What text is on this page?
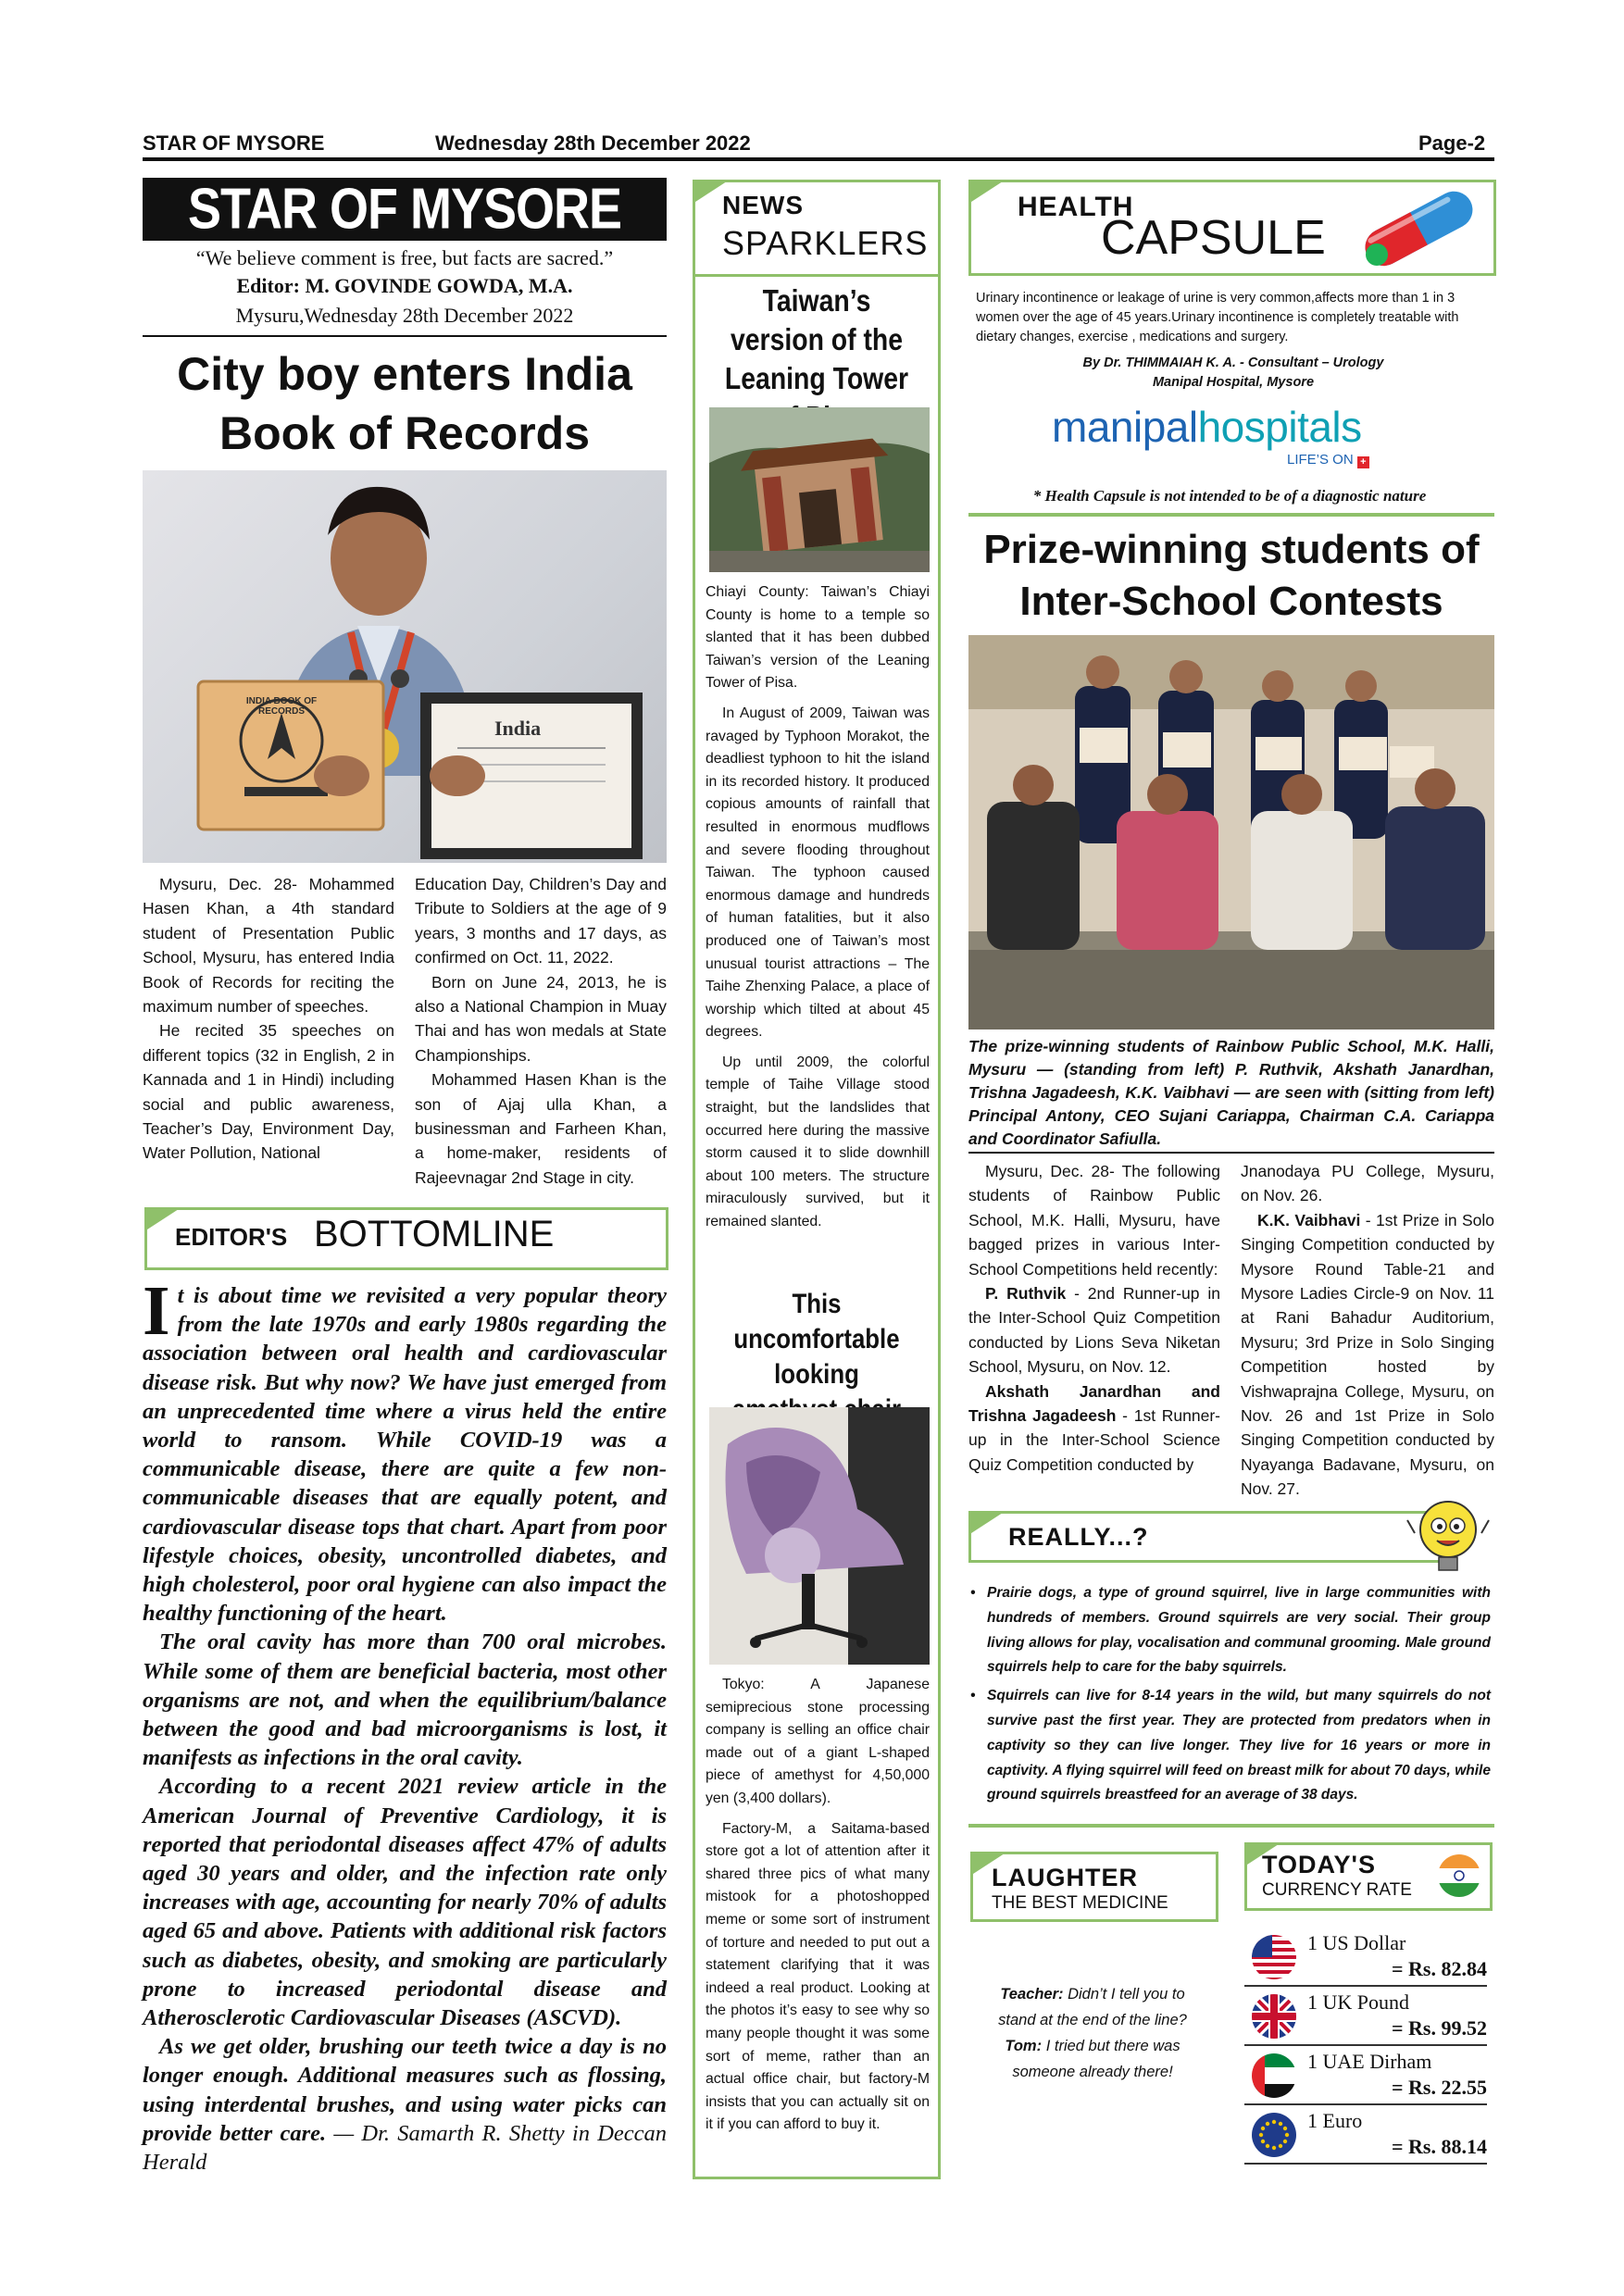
STAR OF MYSORE	Wednesday 28th December 2022	Page-2
STAR OF MYSORE
“We believe comment is free, but facts are sacred.”
Editor: M. GOVINDE GOWDA, M.A.
Mysuru,Wednesday 28th December 2022
City boy enters India Book of Records
INDIA BOOK OF RECORDS
India

Mysuru, Dec. 28- Mohammed Hasen Khan, a 4th standard student of Presentation Public School, Mysuru, has entered India Book of Records for reciting the maximum number of speeches.

He recited 35 speeches on different topics (32 in English, 2 in Kannada and 1 in Hindi) including social and public awareness, Teacher’s Day, Environment Day, Water Pollution, National

Education Day, Children’s Day and Tribute to Soldiers at the age of 9 years, 3 months and 17 days, as confirmed on Oct. 11, 2022.

Born on June 24, 2013, he is also a National Champion in Muay Thai and has won medals at State Championships.

Mohammed Hasen Khan is the son of Ajaj ulla Khan, a businessman and Farheen Khan, a home-maker, residents of Rajeevnagar 2nd Stage in city.

EDITOR'S BOTTOMLINE

It is about time we revisited a very popular theory from the late 1970s and early 1980s regarding the association between oral health and cardiovascular disease risk. But why now? We have just emerged from an unprecedented time where a virus held the entire world to ransom. While COVID-19 was a communicable disease, there are quite a few non-communicable diseases that are equally potent, and cardiovascular disease tops that chart. Apart from poor lifestyle choices, obesity, uncontrolled diabetes, and high cholesterol, poor oral hygiene can also impact the healthy functioning of the heart.

The oral cavity has more than 700 oral microbes. While some of them are beneficial bacteria, most other organisms are not, and when the equilibrium/balance between the good and bad microorganisms is lost, it manifests as infections in the oral cavity.

According to a recent 2021 review article in the American Journal of Preventive Cardiology, it is reported that periodontal diseases affect 47% of adults aged 30 years and older, and the infection rate only increases with age, accounting for nearly 70% of adults aged 65 and above. Patients with additional risk factors such as diabetes, obesity, and smoking are particularly prone to increased periodontal disease and Atherosclerotic Cardiovascular Diseases (ASCVD).

As we get older, brushing our teeth twice a day is no longer enough. Additional measures such as flossing, using interdental brushes, and using water picks can provide better care. — Dr. Samarth R. Shetty in Deccan Herald

NEWS
SPARKLERS
Taiwan’s version of the Leaning Tower

Chiayi County: Taiwan’s Chiayi County is home to a temple so slanted that it has been dubbed Taiwan’s version of the Leaning Tower of Pisa.

In August of 2009, Taiwan was ravaged by Typhoon Morakot, the deadliest typhoon to hit the island in its recorded history. It produced copious amounts of rainfall that resulted in enormous mudflows and severe flooding throughout Taiwan. The typhoon caused enormous damage and hundreds of human fatalities, but it also produced one of Taiwan’s most unusual tourist attractions – The Taihe Zhenxing Palace, a place of worship which tilted at about 45 degrees.

Up until 2009, the colorful temple of Taihe Village stood straight, but the landslides that occurred here during the massive storm caused it to slide downhill about 100 meters. The structure miraculously survived, but it remained slanted.

This uncomfortable looking

Tokyo: A Japanese semiprecious stone processing company is selling an office chair made out of a giant L-shaped piece of amethyst for 4,50,000 yen (3,400 dollars).

Factory-M, a Saitama-based store got a lot of attention after it shared three pics of what many mistook for a photoshopped meme or some sort of instrument of torture and needed to put out a statement clarifying that it was indeed a real product. Looking at the photos it’s easy to see why so many people thought it was some sort of meme, rather than an actual office chair, but factory-M insists that you can actually sit on it if you can afford to buy it.

HEALTH
CAPSULE
Urinary incontinence or leakage of urine is very common,affects more than 1 in 3 women over the age of 45 years.Urinary incontinence is completely treatable with dietary changes, exercise , medications and surgery.
By Dr. THIMMAIAH K. A. - Consultant – Urology
Manipal Hospital, Mysore
manipalhospitals
LIFE’S ON +
* Health Capsule is not intended to be of a diagnostic nature
Prize-winning students of Inter-School Contests
The prize-winning students of Rainbow Public School, M.K. Halli, Mysuru — (standing from left) P. Ruthvik, Akshath Janardhan, Trishna Jagadeesh, K.K. Vaibhavi — are seen with (sitting from left) Principal Antony, CEO Sujani Cariappa, Chairman C.A. Cariappa and Coordinator Safiulla.

Mysuru, Dec. 28- The following students of Rainbow Public School, M.K. Halli, Mysuru, have bagged prizes in various Inter-School Competitions held recently:

P. Ruthvik - 2nd Runner-up in the Inter-School Quiz Competition conducted by Lions Seva Niketan School, Mysuru, on Nov. 12.

Akshath Janardhan and Trishna Jagadeesh - 1st Runner-up in the Inter-School Science Quiz Competition conducted by

Jnanodaya PU College, Mysuru, on Nov. 26.

K.K. Vaibhavi - 1st Prize in Solo Singing Competition conducted by Mysore Round Table-21 and Mysore Ladies Circle-9 on Nov. 11 at Rani Bahadur Auditorium, Mysuru; 3rd Prize in Solo Singing Competition hosted by Vishwaprajna College, Mysuru, on Nov. 26 and 1st Prize in Solo Singing Competition conducted by Nyayanga Badavane, Mysuru, on Nov. 27.

REALLY...?
• Prairie dogs, a type of ground squirrel, live in large communities with hundreds of members. Ground squirrels are very social. Their group living allows for play, vocalisation and communal grooming. Male ground squirrels help to care for the baby squirrels.
• Squirrels can live for 8-14 years in the wild, but many squirrels do not survive past the first year. They are protected from predators when in captivity so they can live longer. They live for 16 years or more in captivity. A flying squirrel will feed on breast milk for about 70 days, while ground squirrels breastfeed for an average of 38 days.
LAUGHTER
THE BEST MEDICINE
Teacher: Didn’t I tell you to stand at the end of the line?
Tom: I tried but there was someone already there!
TODAY'S
CURRENCY RATE
1 US Dollar
= Rs. 82.84
1 UK Pound
= Rs. 99.52
1 UAE Dirham
= Rs. 22.55
1 Euro
= Rs. 88.14
